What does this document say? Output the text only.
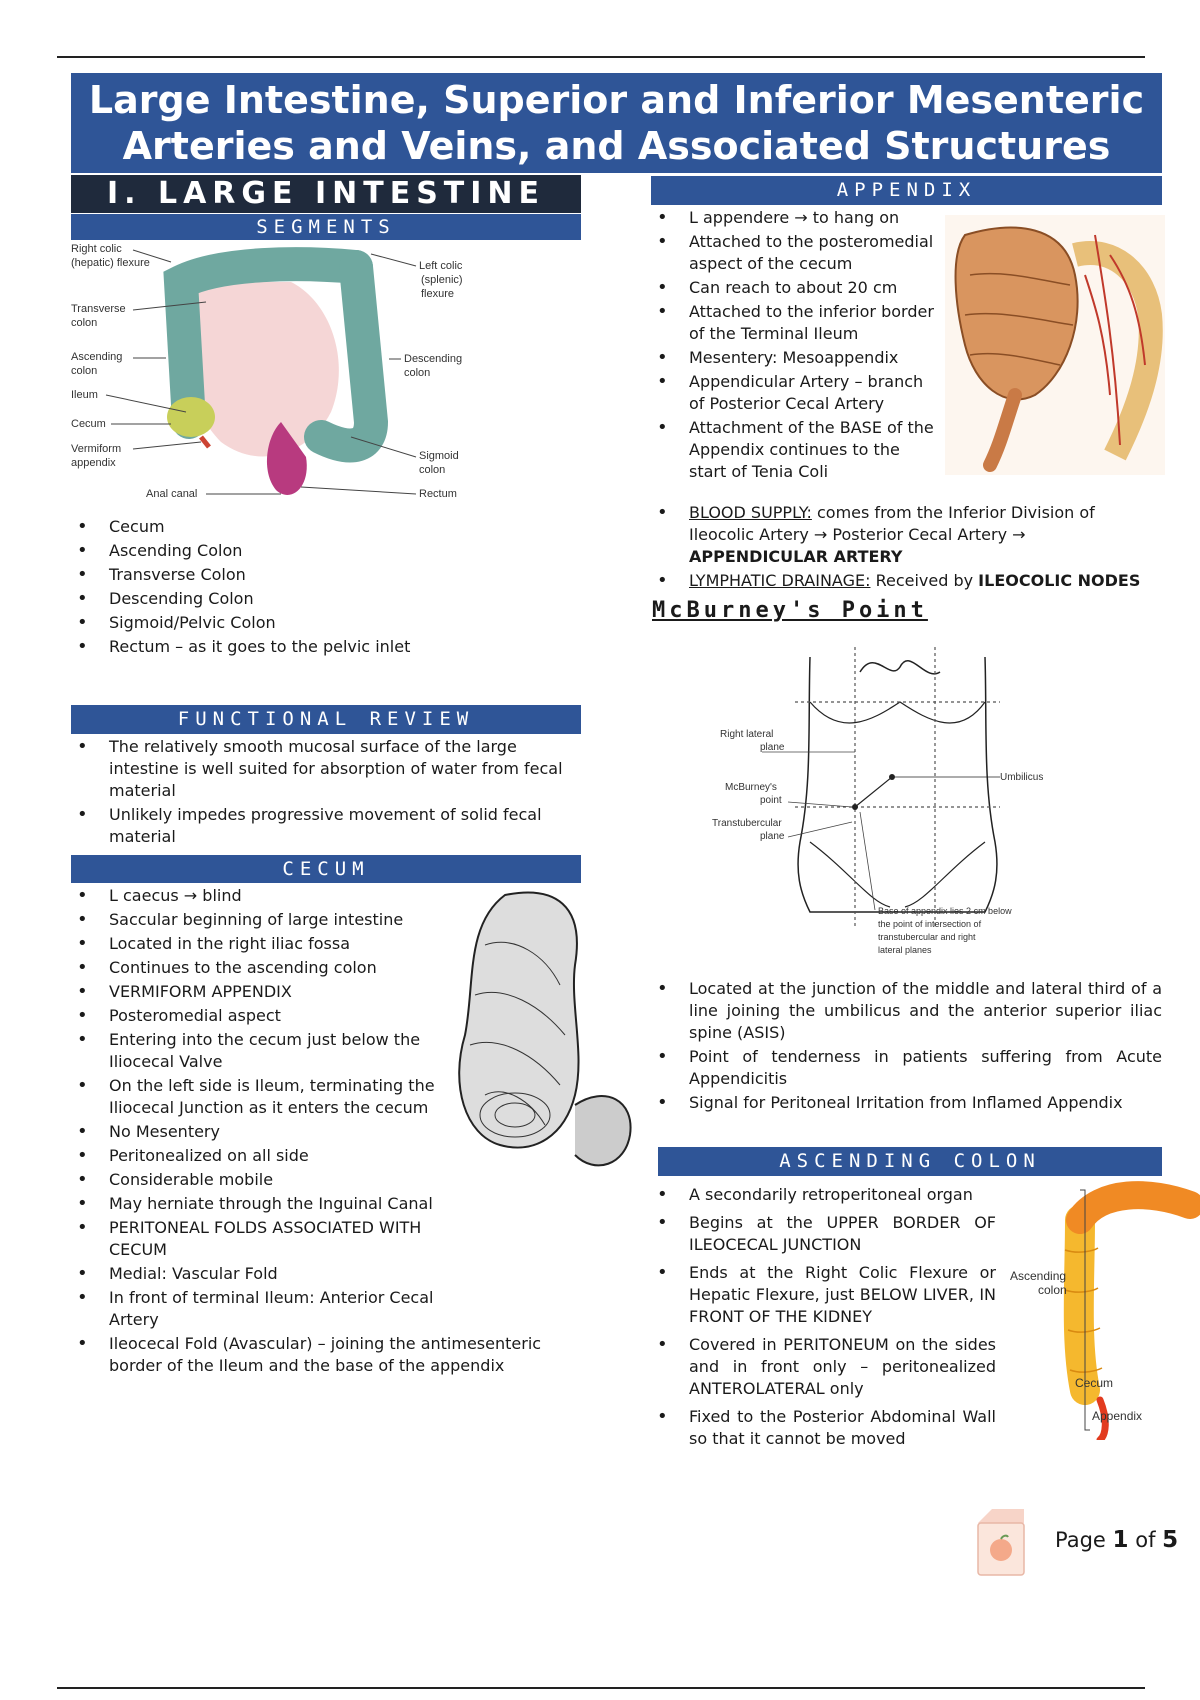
Large Intestine, Superior and Inferior Mesenteric
Arteries and Veins, and Associated Structures
I. LARGE INTESTINE
SEGMENTS
Right colic
(hepatic) flexure
Transverse
colon
Ascending
colon
Ileum
Cecum
Vermiform
appendix
Anal canal
Left colic
(splenic)
flexure
Descending
colon
Sigmoid
colon
Rectum
• Cecum
• Ascending Colon
• Transverse Colon
• Descending Colon
• Sigmoid/Pelvic Colon
• Rectum – as it goes to the pelvic inlet
FUNCTIONAL REVIEW
• The relatively smooth mucosal surface of the large intestine is well suited for absorption of water from fecal material
• Unlikely impedes progressive movement of solid fecal material
CECUM
• L caecus → blind
• Saccular beginning of large intestine
• Located in the right iliac fossa
• Continues to the ascending colon
• VERMIFORM APPENDIX
• Posteromedial aspect
• Entering into the cecum just below the Iliocecal Valve
• On the left side is Ileum, terminating the Iliocecal Junction as it enters the cecum
• No Mesentery
• Peritonealized on all side
• Considerable mobile
• May herniate through the Inguinal Canal
• PERITONEAL FOLDS ASSOCIATED WITH CECUM
• Medial: Vascular Fold
• In front of terminal Ileum: Anterior Cecal Artery
• Ileocecal Fold (Avascular) – joining the antimesenteric border of the Ileum and the base of the appendix
APPENDIX
• L appendere → to hang on
• Attached to the posteromedial aspect of the cecum
• Can reach to about 20 cm
• Attached to the inferior border of the Terminal Ileum
• Mesentery: Mesoappendix
• Appendicular Artery – branch of Posterior Cecal Artery
• Attachment of the BASE of the Appendix continues to the start of Tenia Coli
• BLOOD SUPPLY: comes from the Inferior Division of Ileocolic Artery → Posterior Cecal Artery → APPENDICULAR ARTERY
• LYMPHATIC DRAINAGE: Received by ILEOCOLIC NODES
McBurney's Point
Right lateral
plane
McBurney's
point
Transtubercular
plane
Umbilicus
Base of appendix lies 2 cm below
the point of intersection of
transtubercular and right
lateral planes
• Located at the junction of the middle and lateral third of a line joining the umbilicus and the anterior superior iliac spine (ASIS)
• Point of tenderness in patients suffering from Acute Appendicitis
• Signal for Peritoneal Irritation from Inflamed Appendix
ASCENDING COLON
• A secondarily retroperitoneal organ
• Begins at the UPPER BORDER OF ILEOCECAL JUNCTION
• Ends at the Right Colic Flexure or Hepatic Flexure, just BELOW LIVER, IN FRONT OF THE KIDNEY
• Covered in PERITONEUM on the sides and in front only – peritonealized ANTEROLATERAL only
• Fixed to the Posterior Abdominal Wall so that it cannot be moved
Ascending
colon
Cecum
Appendix
Page 1 of 5
